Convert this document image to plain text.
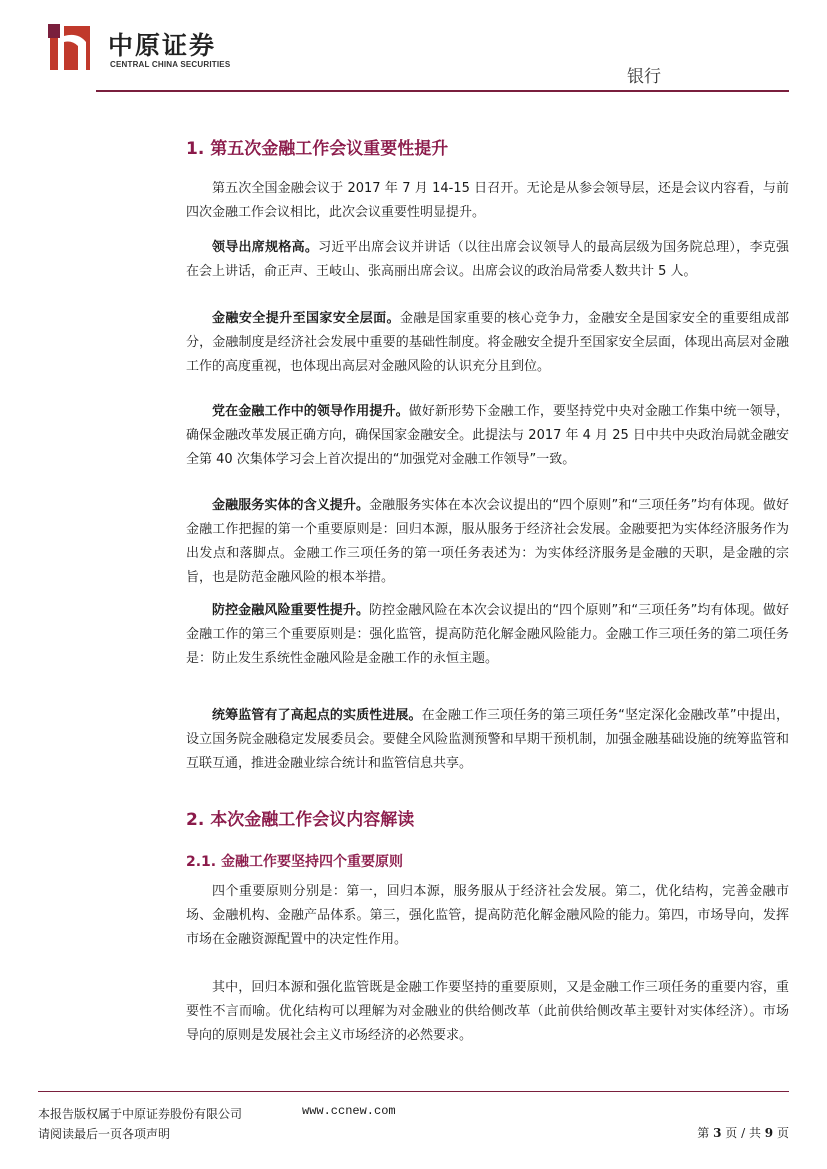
中原证券
CENTRAL CHINA SECURITIES
银行
1. 第五次金融工作会议重要性提升

第五次全国金融会议于 2017 年 7 月 14-15 日召开。无论是从参会领导层，还是会议内容看，与前四次金融工作会议相比，此次会议重要性明显提升。

领导出席规格高。习近平出席会议并讲话（以往出席会议领导人的最高层级为国务院总理），李克强在会上讲话，俞正声、王岐山、张高丽出席会议。出席会议的政治局常委人数共计 5 人。

金融安全提升至国家安全层面。金融是国家重要的核心竞争力，金融安全是国家安全的重要组成部分，金融制度是经济社会发展中重要的基础性制度。将金融安全提升至国家安全层面，体现出高层对金融工作的高度重视，也体现出高层对金融风险的认识充分且到位。

党在金融工作中的领导作用提升。做好新形势下金融工作，要坚持党中央对金融工作集中统一领导，确保金融改革发展正确方向，确保国家金融安全。此提法与 2017 年 4 月 25 日中共中央政治局就金融安全第 40 次集体学习会上首次提出的“加强党对金融工作领导”一致。

金融服务实体的含义提升。金融服务实体在本次会议提出的“四个原则”和“三项任务”均有体现。做好金融工作把握的第一个重要原则是：回归本源，服从服务于经济社会发展。金融要把为实体经济服务作为出发点和落脚点。金融工作三项任务的第一项任务表述为：为实体经济服务是金融的天职，是金融的宗旨，也是防范金融风险的根本举措。

防控金融风险重要性提升。防控金融风险在本次会议提出的“四个原则”和“三项任务”均有体现。做好金融工作的第三个重要原则是：强化监管，提高防范化解金融风险能力。金融工作三项任务的第二项任务是：防止发生系统性金融风险是金融工作的永恒主题。

统筹监管有了高起点的实质性进展。在金融工作三项任务的第三项任务“坚定深化金融改革”中提出，设立国务院金融稳定发展委员会。要健全风险监测预警和早期干预机制，加强金融基础设施的统筹监管和互联互通，推进金融业综合统计和监管信息共享。

2. 本次金融工作会议内容解读
2.1. 金融工作要坚持四个重要原则

四个重要原则分别是：第一，回归本源，服务服从于经济社会发展。第二，优化结构，完善金融市场、金融机构、金融产品体系。第三，强化监管，提高防范化解金融风险的能力。第四，市场导向，发挥市场在金融资源配置中的决定性作用。

其中，回归本源和强化监管既是金融工作要坚持的重要原则，又是金融工作三项任务的重要内容，重要性不言而喻。优化结构可以理解为对金融业的供给侧改革（此前供给侧改革主要针对实体经济）。市场导向的原则是发展社会主义市场经济的必然要求。

本报告版权属于中原证券股份有限公司
请阅读最后一页各项声明
www.ccnew.com
第 3 页 / 共 9 页
